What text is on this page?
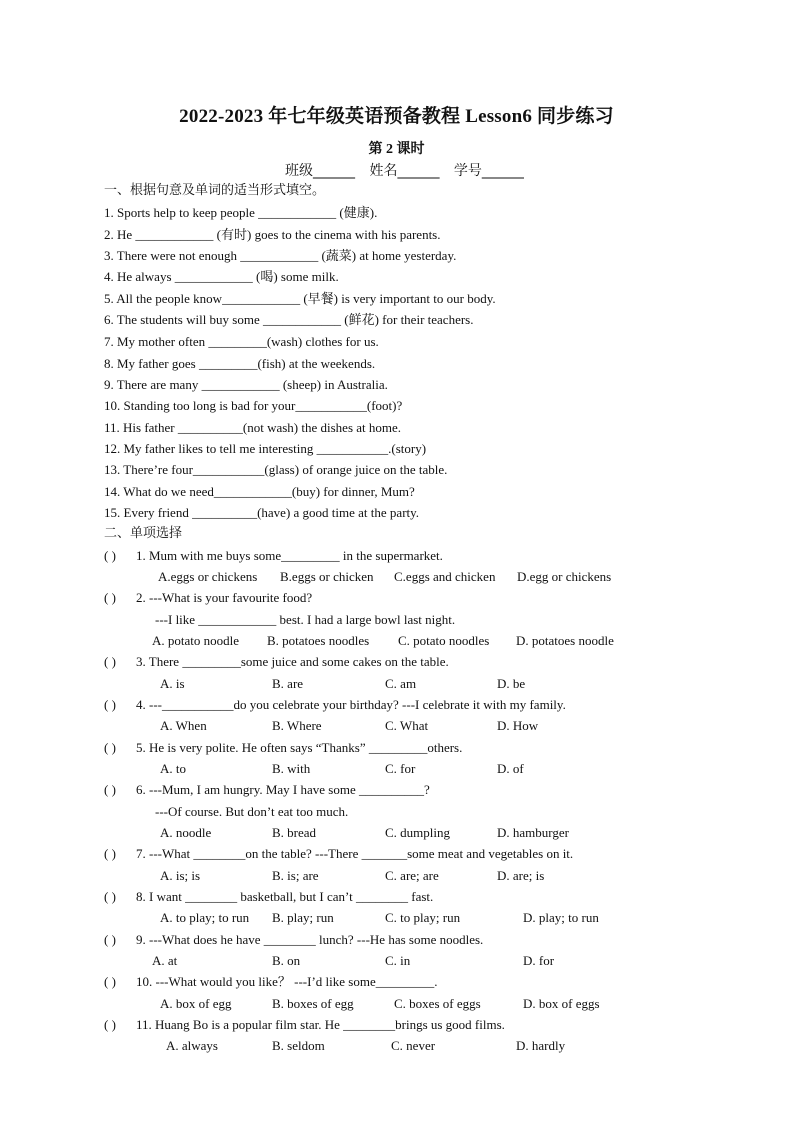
2022-2023 年七年级英语预备教程 Lesson6 同步练习
第 2 课时
班级______ 姓名______ 学号______
一、根据句意及单词的适当形式填空。
1. Sports help to keep people ____________ (健康).
2. He ____________ (有时) goes to the cinema with his parents.
3. There were not enough ____________ (蔬菜) at home yesterday.
4. He always ____________ (喝) some milk.
5. All the people know____________ (早餐) is very important to our body.
6. The students will buy some ____________ (鲜花) for their teachers.
7. My mother often _________(wash) clothes for us.
8. My father goes _________(fish) at the weekends.
9. There are many ____________ (sheep) in Australia.
10. Standing too long is bad for your___________(foot)?
11. His father __________(not wash) the dishes at home.
12. My father likes to tell me interesting ___________.(story)
13. There’re four___________(glass) of orange juice on the table.
14. What do we need____________(buy) for dinner, Mum?
15. Every friend __________(have) a good time at the party.
二、单项选择
( ) 1. Mum with me buys some_________ in the supermarket.
A.eggs or chickens B.eggs or chicken C.eggs and chicken D.egg or chickens
( ) 2. ---What is your favourite food?
---I like ____________ best. I had a large bowl last night.
A. potato noodle B. potatoes noodles C. potato noodles D. potatoes noodle
( ) 3. There _________some juice and some cakes on the table.
A. is	B. are	C. am	D. be
( ) 4. ---___________do you celebrate your birthday? ---I celebrate it with my family.
A. When	B. Where	C. What	D. How
( ) 5. He is very polite. He often says “Thanks” _________others.
A. to	B. with	C. for	D. of
( ) 6. ---Mum, I am hungry. May I have some __________?
---Of course. But don’t eat too much.
A. noodle	B. bread	C. dumpling	D. hamburger
( ) 7. ---What ________on the table? ---There _______some meat and vegetables on it.
A. is; is	B. is; are	C. are; are	D. are; is
( ) 8. I want ________ basketball, but I can’t ________ fast.
A. to play; to run B. play; run	C. to play; run	D. play; to run
( ) 9. ---What does he have ________ lunch? ---He has some noodles.
A. at	B. on	C. in	D. for
( ) 10. ---What would you like？ ---I’d like some_________.
A. box of egg	B. boxes of egg	C. boxes of eggs	D. box of eggs
( ) 11. Huang Bo is a popular film star. He ________brings us good films.
A. always	B. seldom	C. never	D. hardly
